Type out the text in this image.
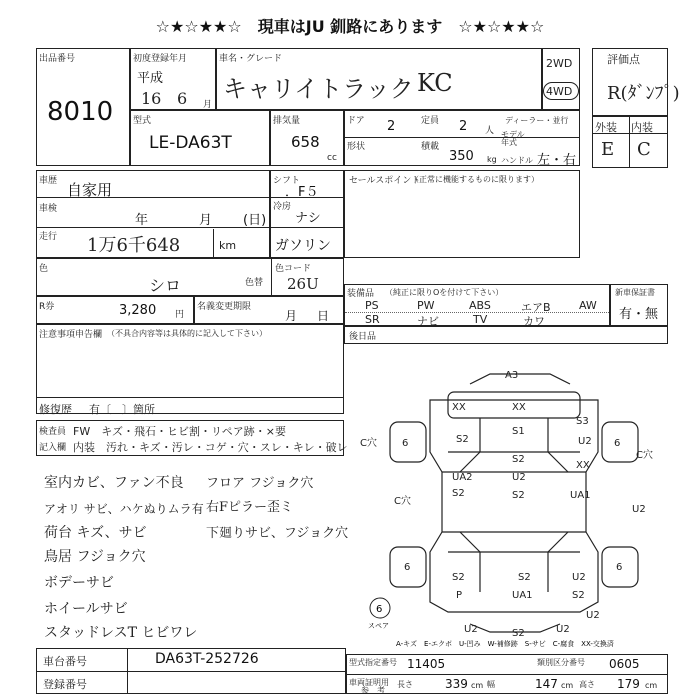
☆★☆★★☆　現車はJU 釧路にあります　☆★☆★★☆
出品番号
8010
初度登録年月
平成
16 6 月
車名・グレード
キャリイトラック KC
2WD
4WD
評価点
R(ﾀﾞﾝﾌﾟ)
型式
LE-DA63T
排気量
658
cc
ドア 2	定員 2 人
ディーラー・並行
モデル年式
形状	積載
350 kg ハンドル 左・右
外装 内装
E C
車歴 自家用
車検
年	月 (日)
走行 1万6千648	km
シフト
．F５
冷房
ナシ
ガソリン
セールスポイント
（正常に機能するものに限ります）
色
シロ	色替
色コード
26U
R券	3,280 円
名義変更期限
月 日
装備品 （純正に限りOを付けて下さい）
PS	PW	ABS	エアB	AW
SR	ナビ	TV	カワ
新車保証書
有・無
注意事項申告欄 （不具合内容等は具体的に記入して下さい）
修復歴 有〔　〕箇所
後日品
検査員
記入欄
FW　キズ・飛石・ヒビ割・リペア跡・×要
内装　汚れ・キズ・汚レ・コゲ・穴・スレ・キレ・破レ
室内カビ、ファン不良
アオリ サビ、ハケぬりムラ有
荷台 キズ、サビ
鳥居 フジョク穴
ボデーサビ
ホイールサビ
スタッドレスT ヒビワレ
フロア フジョク穴
右Fピラー歪ミ
下廻りサビ、フジョク穴
A3
XX	XX
S1
S3
S2	U2
S2
6	6
C穴
C穴
XX
UA2
S2
U2
S2	UA1
U2
C穴
S2	S2	U2
6	6
P	UA1	S2
U2	S2	U2
U2
6
スペア
A-キズ　E-エクボ　U-凹み　W-補修跡　S-サビ　C-腐食　XX-交換済
車台番号	DA63T-252726
登録番号
型式指定番号 11405	類別区分番号 0605
車両証明用
参　考
長さ	339 cm 幅	147 cm 高さ 179 cm
